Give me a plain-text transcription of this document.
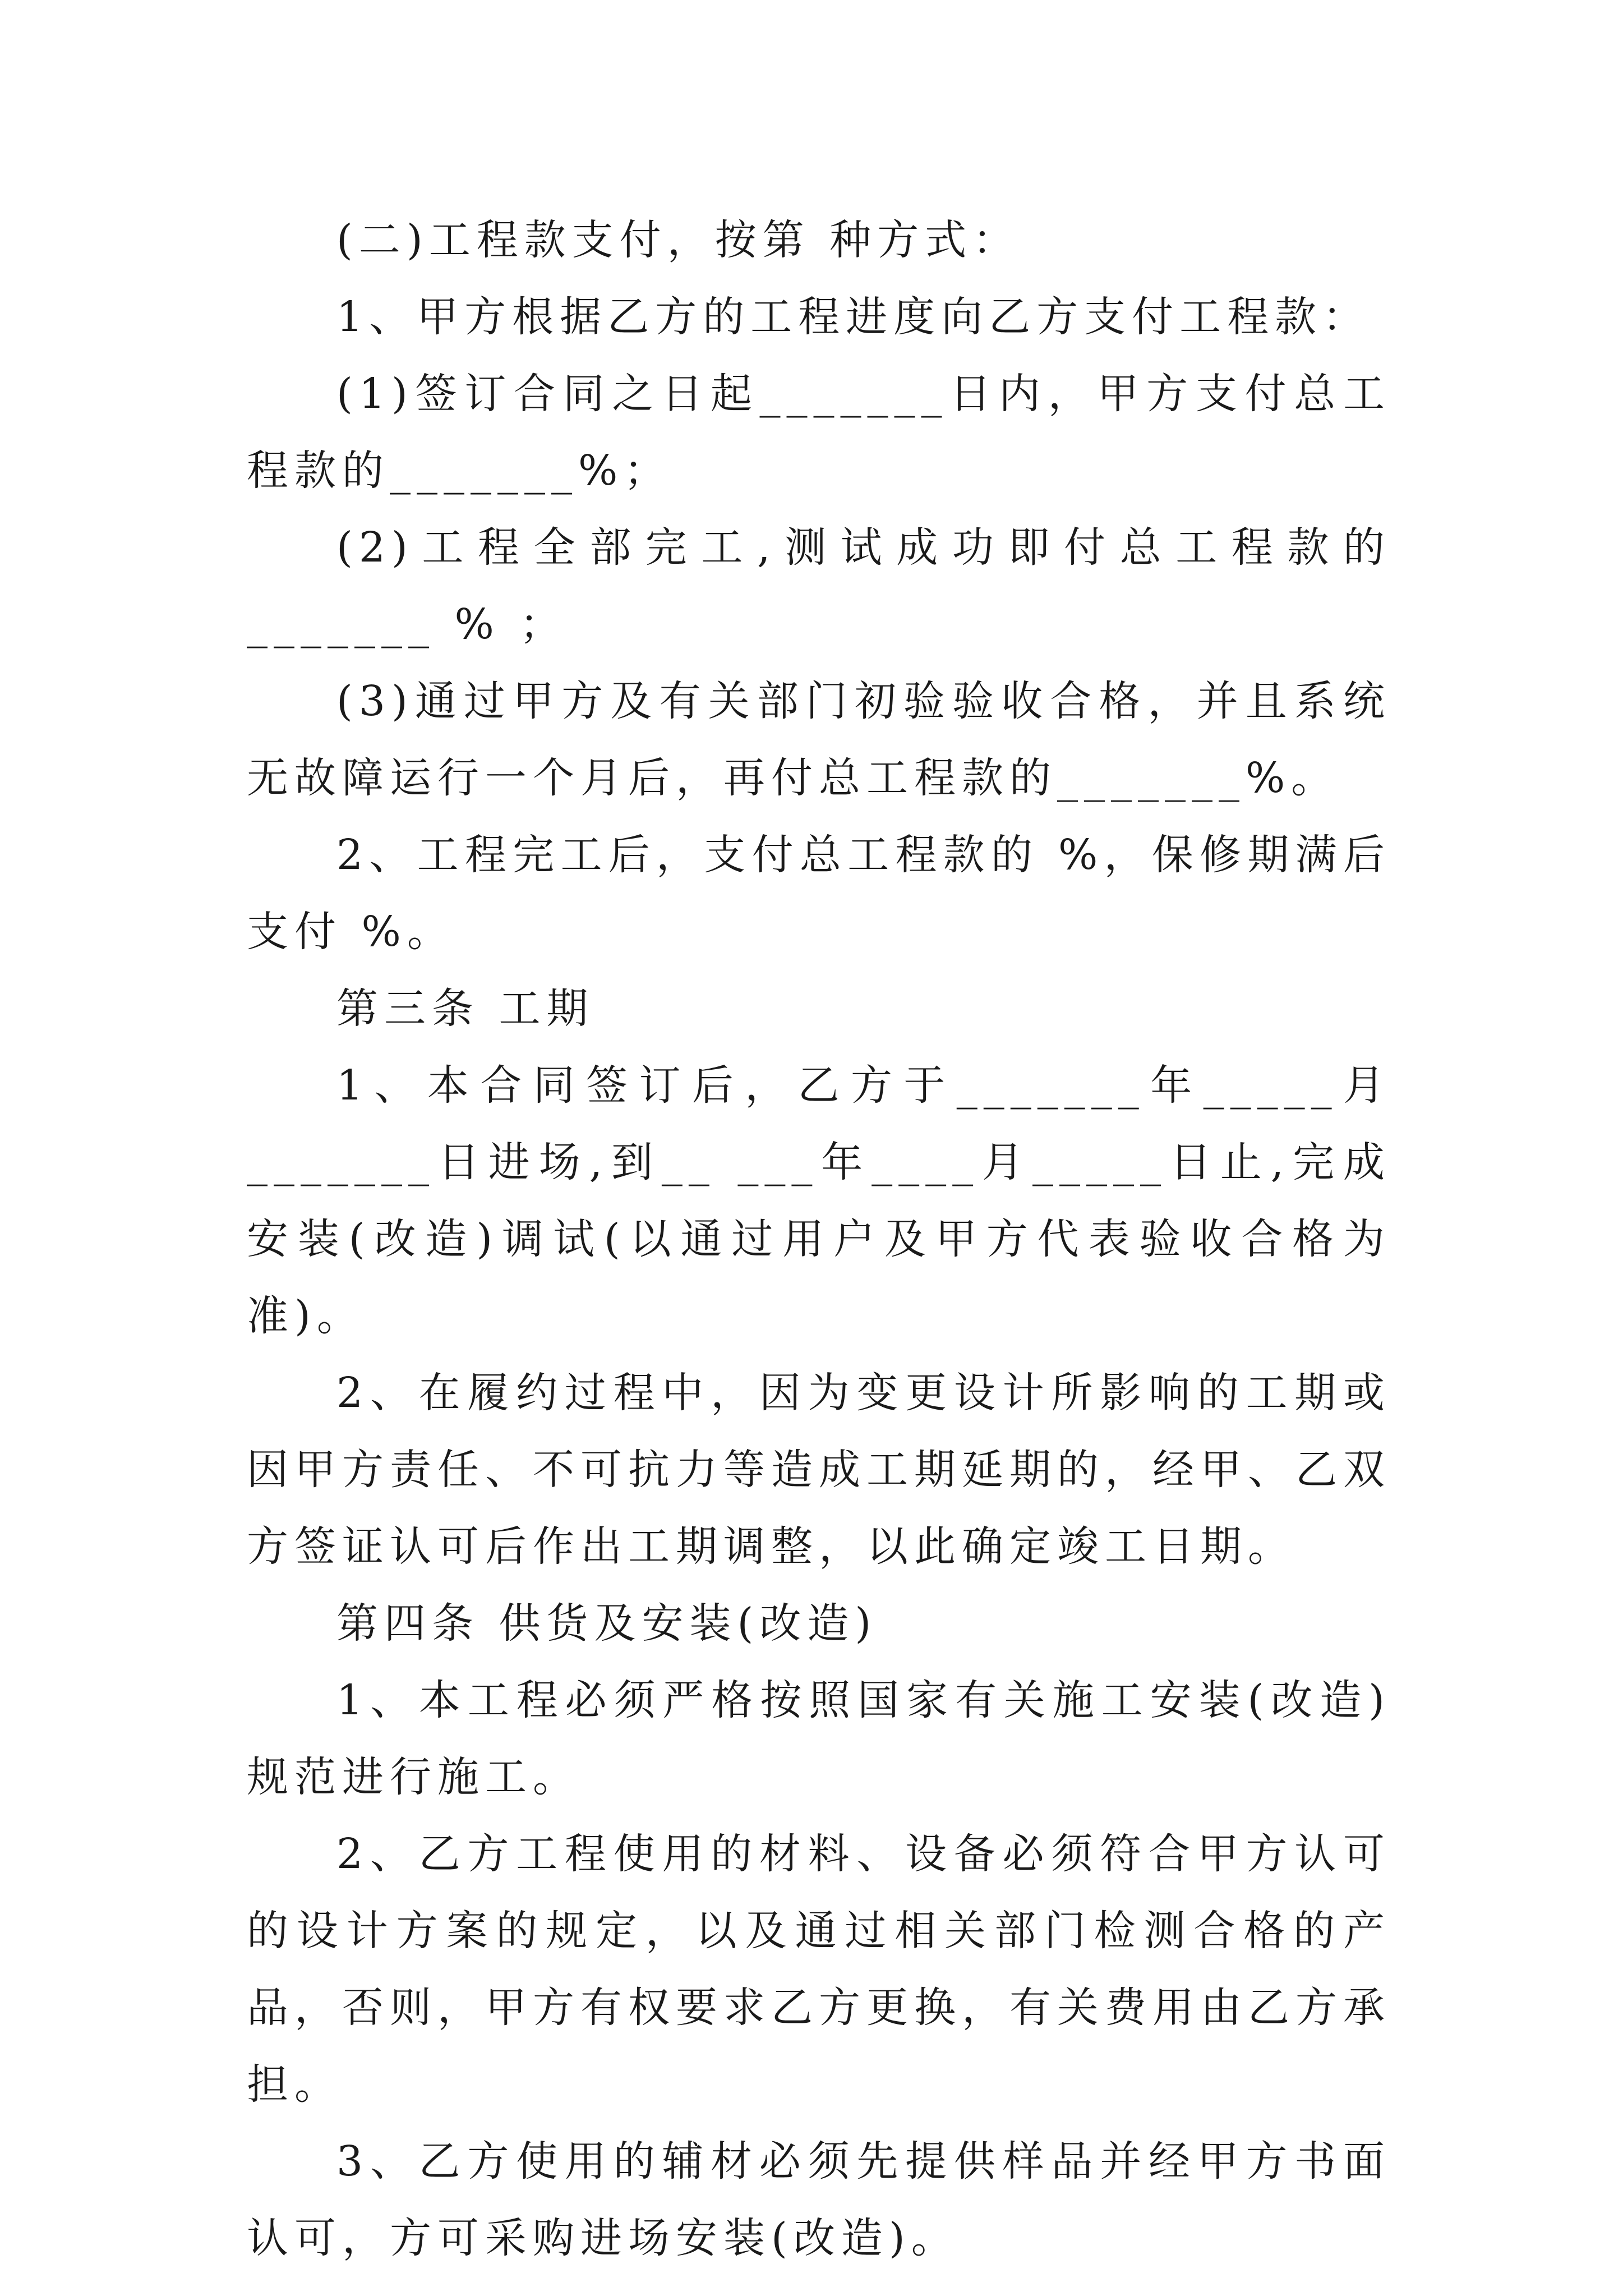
(二)工程款支付，按第 种方式：

1、甲方根据乙方的工程进度向乙方支付工程款：

(1)签订合同之日起_______日内，甲方支付总工程款的_______%；

(2)工程全部完工,测试成功即付总工程款的_______ % ；

(3)通过甲方及有关部门初验验收合格，并且系统无故障运行一个月后，再付总工程款的_______%。

2、工程完工后，支付总工程款的 %，保修期满后支付 %。

第三条 工期

1、本合同签订后，乙方于_______年_____月_______日进场,到__ ___年____月_____日止,完成安装(改造)调试(以通过用户及甲方代表验收合格为准)。

2、在履约过程中，因为变更设计所影响的工期或因甲方责任、不可抗力等造成工期延期的，经甲、乙双方签证认可后作出工期调整，以此确定竣工日期。

第四条 供货及安装(改造)

1、本工程必须严格按照国家有关施工安装(改造)规范进行施工。

2、乙方工程使用的材料、设备必须符合甲方认可的设计方案的规定，以及通过相关部门检测合格的产品，否则，甲方有权要求乙方更换，有关费用由乙方承担。

3、乙方使用的辅材必须先提供样品并经甲方书面认可，方可采购进场安装(改造)。
